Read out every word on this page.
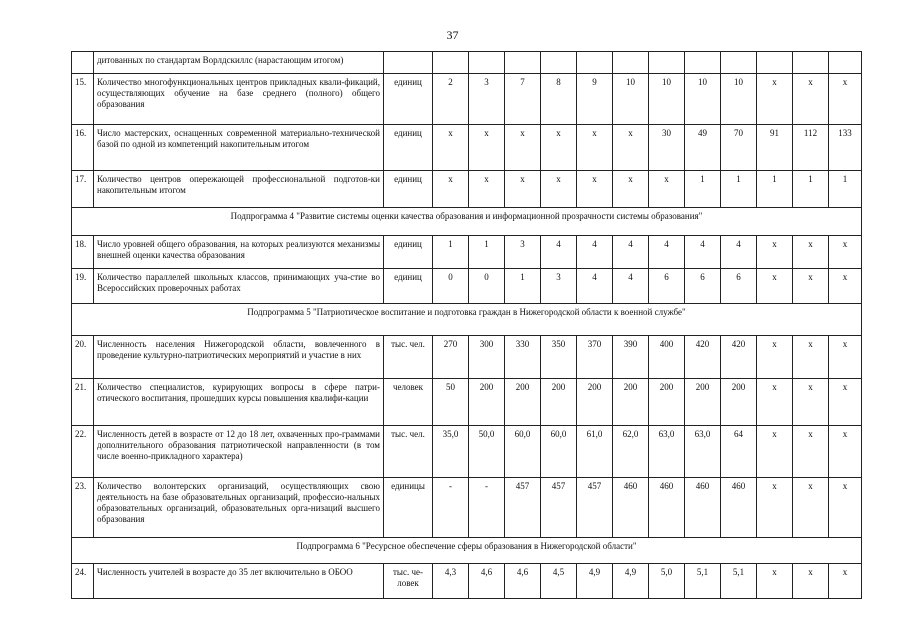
37
	дитованных по стандартам Ворлдскиллс (нарастающим итогом)													
15.	Количество многофункциональных центров прикладных квали-фикаций, осуществляющих обучение на базе среднего (полного) общего образования	единиц	2	3	7	8	9	10	10	10	10	х	х	х
16.	Число мастерских, оснащенных современной материально-технической базой по одной из компетенций накопительным итогом	единиц	х	х	х	х	х	х	30	49	70	91	112	133
17.	Количество центров опережающей профессиональной подготов-ки накопительным итогом	единиц	х	х	х	х	х	х	х	1	1	1	1	1
Подпрограмма 4 "Развитие системы оценки качества образования и информационной прозрачности системы образования"														
18.	Число уровней общего образования, на которых реализуются механизмы внешней оценки качества образования	единиц	1	1	3	4	4	4	4	4	4	х	х	х
19.	Количество параллелей школьных классов, принимающих уча-стие во Всероссийских проверочных работах	единиц	0	0	1	3	4	4	6	6	6	х	х	х
Подпрограмма 5 "Патриотическое воспитание и подготовка граждан в Нижегородской области к военной службе"														
20.	Численность населения Нижегородской области, вовлеченного в проведение культурно-патриотических мероприятий и участие в них	тыс. чел.	270	300	330	350	370	390	400	420	420	х	х	х
21.	Количество специалистов, курирующих вопросы в сфере патри-отического воспитания, прошедших курсы повышения квалифи-кации	человек	50	200	200	200	200	200	200	200	200	х	х	х
22.	Численность детей в возрасте от 12 до 18 лет, охваченных про-граммами дополнительного образования патриотической направленности (в том числе военно-прикладного характера)	тыс. чел.	35,0	50,0	60,0	60,0	61,0	62,0	63,0	63,0	64	х	х	х
23.	Количество волонтерских организаций, осуществляющих свою деятельность на базе образовательных организаций, профессио-нальных образовательных организаций, образовательных орга-низаций высшего образования	единицы	-	-	457	457	457	460	460	460	460	х	х	х
Подпрограмма 6 "Ресурсное обеспечение сферы образования в Нижегородской области"														
24.	Численность учителей в возрасте до 35 лет включительно в ОБОО	тыс. че-ловек	4,3	4,6	4,6	4,5	4,9	4,9	5,0	5,1	5,1	х	х	х
